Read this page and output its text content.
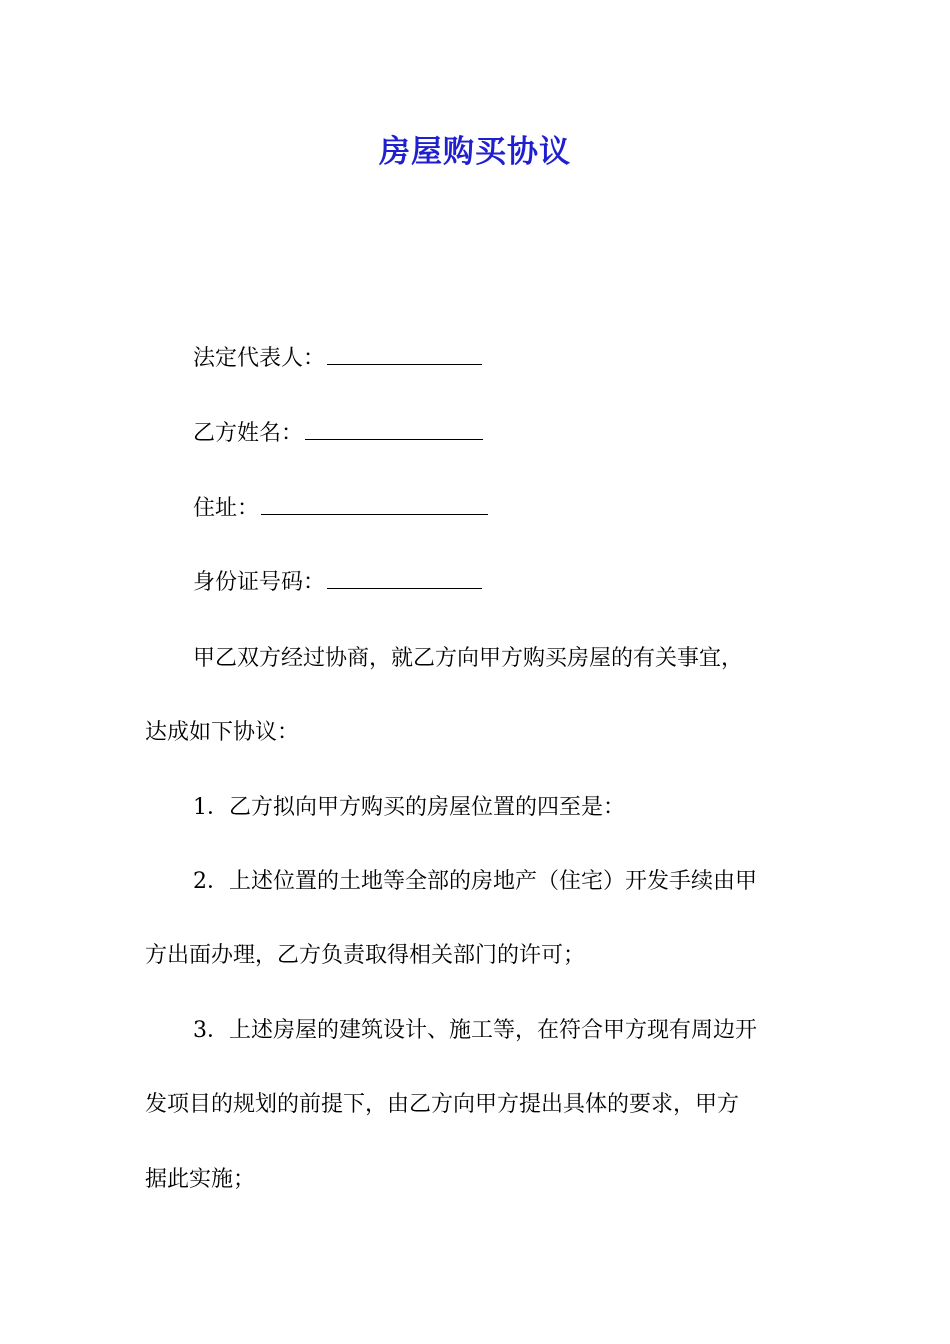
房屋购买协议
法定代表人：
乙方姓名：
住址：
身份证号码：
甲乙双方经过协商，就乙方向甲方购买房屋的有关事宜，
达成如下协议：
1．乙方拟向甲方购买的房屋位置的四至是：
2．上述位置的土地等全部的房地产（住宅）开发手续由甲
方出面办理，乙方负责取得相关部门的许可；
3．上述房屋的建筑设计、施工等，在符合甲方现有周边开
发项目的规划的前提下，由乙方向甲方提出具体的要求，甲方
据此实施；
